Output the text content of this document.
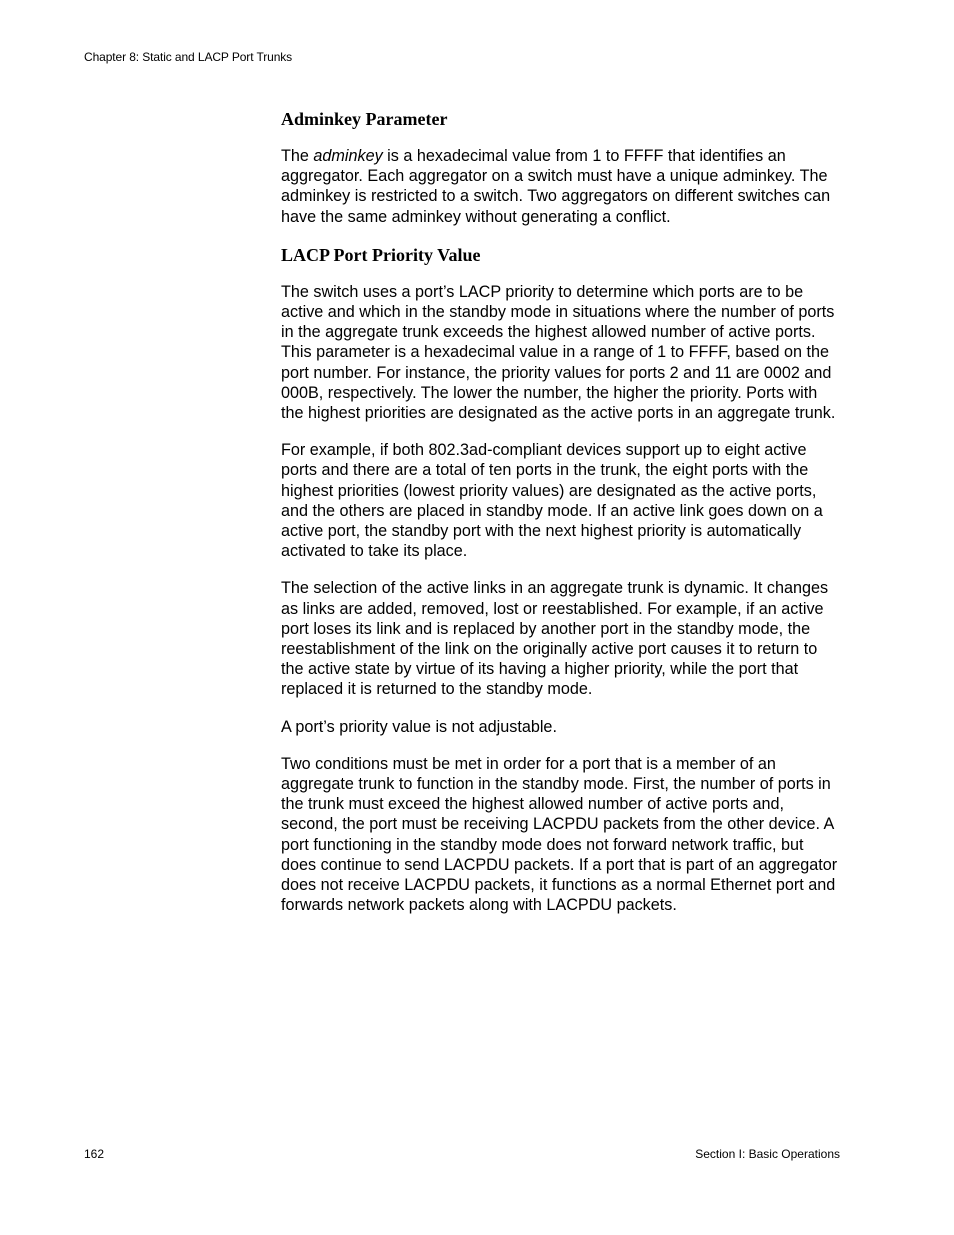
Chapter 8: Static and LACP Port Trunks
Adminkey Parameter

The adminkey is a hexadecimal value from 1 to FFFF that identifies an aggregator. Each aggregator on a switch must have a unique adminkey. The adminkey is restricted to a switch. Two aggregators on different switches can have the same adminkey without generating a conflict.

LACP Port Priority Value

The switch uses a port’s LACP priority to determine which ports are to be active and which in the standby mode in situations where the number of ports in the aggregate trunk exceeds the highest allowed number of active ports. This parameter is a hexadecimal value in a range of 1 to FFFF, based on the port number. For instance, the priority values for ports 2 and 11 are 0002 and 000B, respectively. The lower the number, the higher the priority. Ports with the highest priorities are designated as the active ports in an aggregate trunk.

For example, if both 802.3ad-compliant devices support up to eight active ports and there are a total of ten ports in the trunk, the eight ports with the highest priorities (lowest priority values) are designated as the active ports, and the others are placed in standby mode. If an active link goes down on a active port, the standby port with the next highest priority is automatically activated to take its place.

The selection of the active links in an aggregate trunk is dynamic. It changes as links are added, removed, lost or reestablished. For example, if an active port loses its link and is replaced by another port in the standby mode, the reestablishment of the link on the originally active port causes it to return to the active state by virtue of its having a higher priority, while the port that replaced it is returned to the standby mode.

A port’s priority value is not adjustable.

Two conditions must be met in order for a port that is a member of an aggregate trunk to function in the standby mode. First, the number of ports in the trunk must exceed the highest allowed number of active ports and, second, the port must be receiving LACPDU packets from the other device. A port functioning in the standby mode does not forward network traffic, but does continue to send LACPDU packets. If a port that is part of an aggregator does not receive LACPDU packets, it functions as a normal Ethernet port and forwards network packets along with LACPDU packets.

162	Section I: Basic Operations
